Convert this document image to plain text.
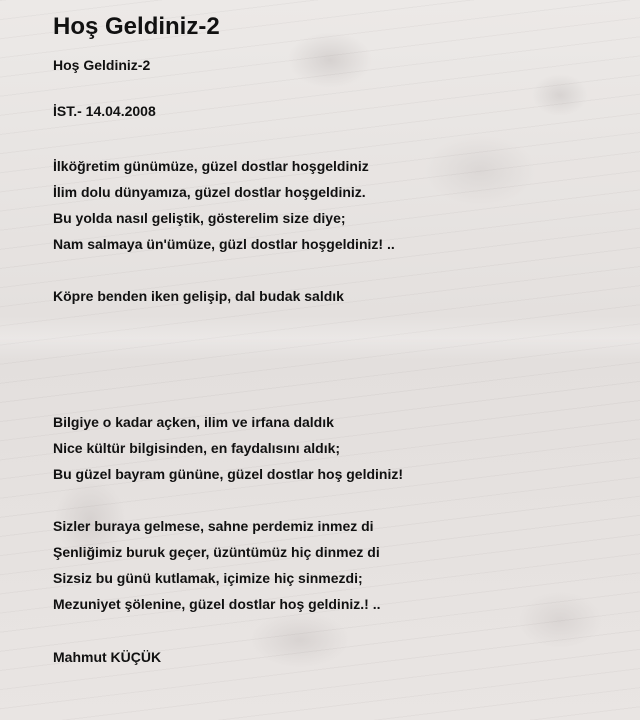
Hoş Geldiniz-2
Hoş Geldiniz-2
İST.- 14.04.2008
İlköğretim günümüze, güzel dostlar hoşgeldiniz
İlim dolu dünyamıza, güzel dostlar hoşgeldiniz.
Bu yolda nasıl geliştik, gösterelim size diye;
Nam salmaya ün'ümüze, güzl dostlar hoşgeldiniz! ..
Köpre benden iken gelişip, dal budak saldık
Bilgiye o kadar açken, ilim ve irfana daldık
Nice kültür bilgisinden, en faydalısını aldık;
Bu güzel bayram gününe, güzel dostlar hoş geldiniz!
Sizler buraya gelmese, sahne perdemiz inmez di
Şenliğimiz buruk geçer, üzüntümüz hiç dinmez di
Sizsiz bu günü kutlamak, içimize hiç sinmezdi;
Mezuniyet şölenine, güzel dostlar hoş geldiniz.! ..
Mahmut KÜÇÜK
